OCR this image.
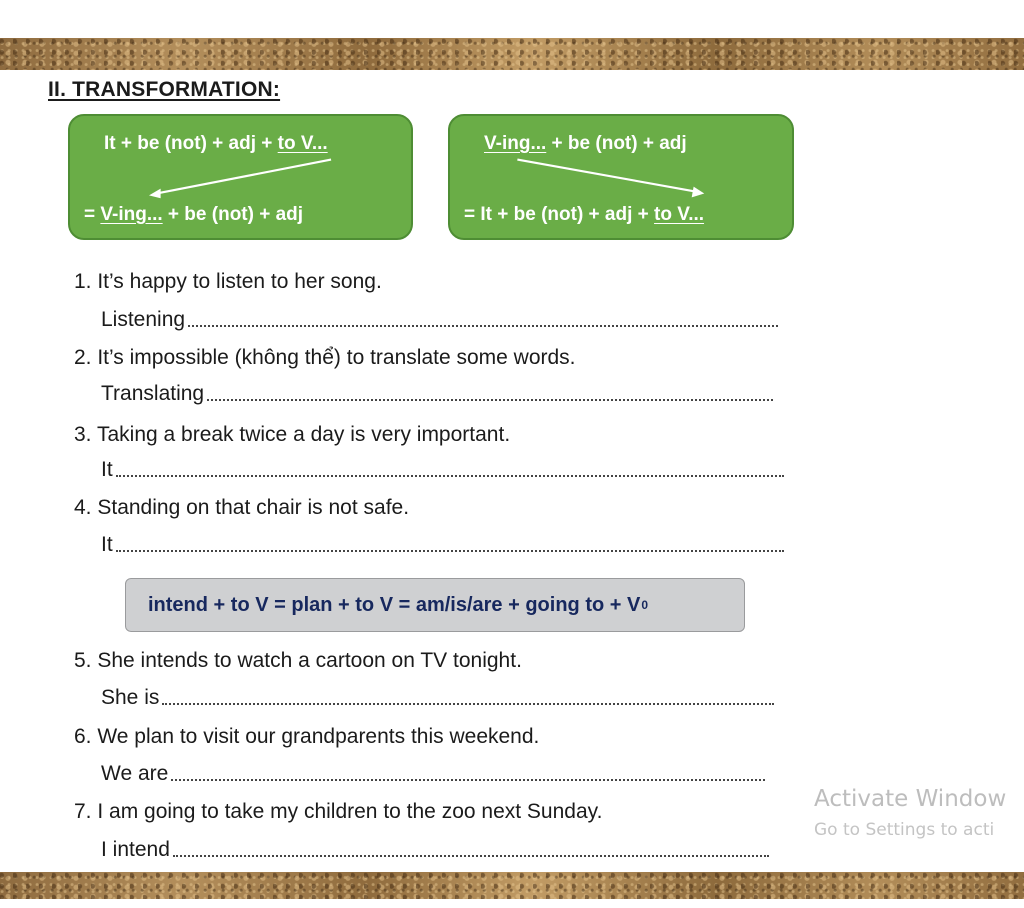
II. TRANSFORMATION:
It + be (not) + adj + to V...
= V-ing... + be (not) + adj
V-ing... + be (not) + adj
= It + be (not) + adj + to V...
1. It’s happy to listen to her song.
Listening
2. It’s impossible (không thể) to translate some words.
Translating
3. Taking a break twice a day is very important.
It
4. Standing on that chair is not safe.
It
intend + to V = plan + to V = am/is/are + going to + V 0
5. She intends to watch a cartoon on TV tonight.
She is
6. We plan to visit our grandparents this weekend.
We are
7. I am going to take my children to the zoo next Sunday.
I intend
Activate Window
Go to Settings to acti
